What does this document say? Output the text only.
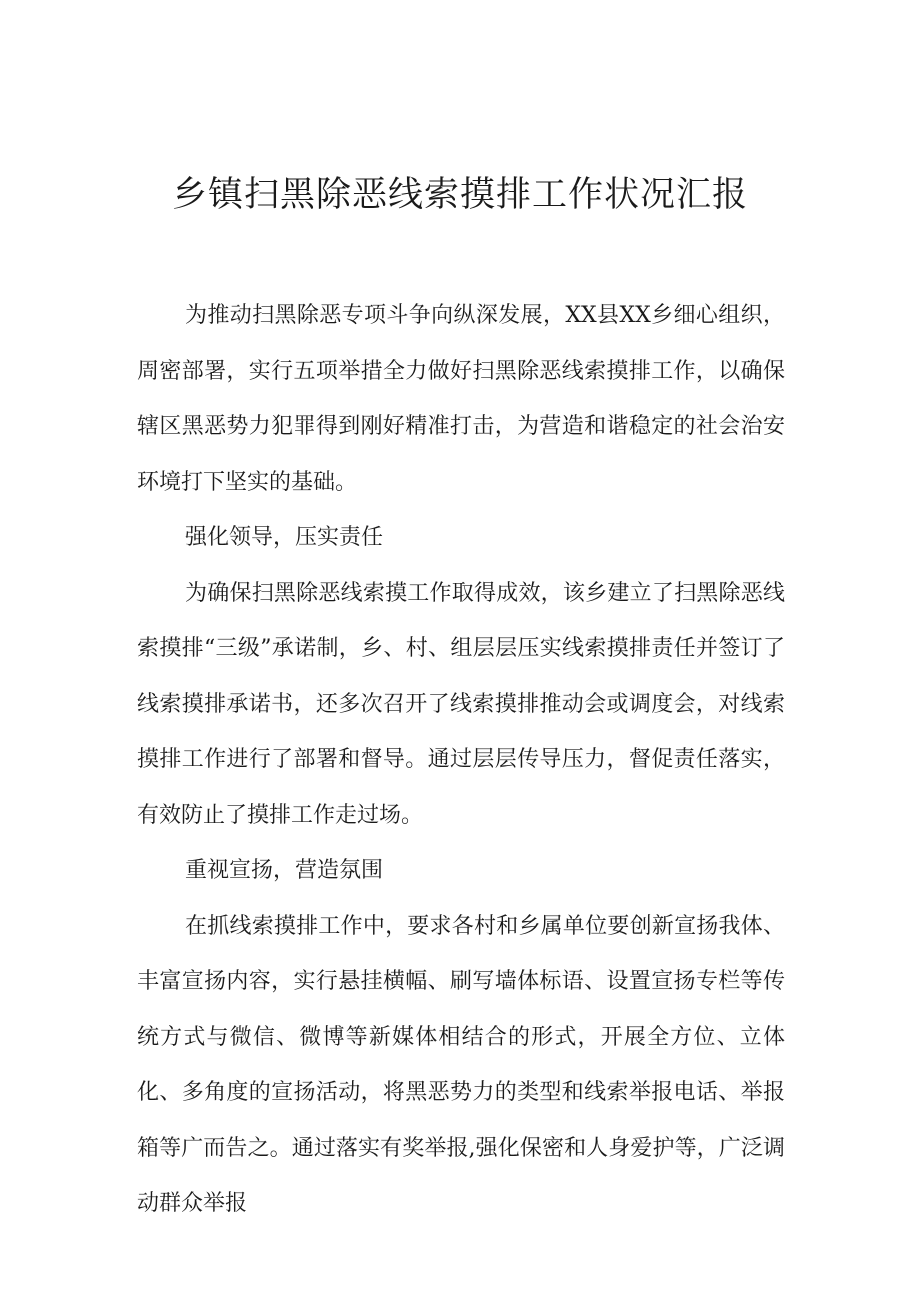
乡镇扫黑除恶线索摸排工作状况汇报

为推动扫黑除恶专项斗争向纵深发展，XX县XX乡细心组织，周密部署，实行五项举措全力做好扫黑除恶线索摸排工作，以确保辖区黑恶势力犯罪得到刚好精准打击，为营造和谐稳定的社会治安环境打下坚实的基础。

强化领导，压实责任

为确保扫黑除恶线索摸工作取得成效，该乡建立了扫黑除恶线索摸排“三级”承诺制，乡、村、组层层压实线索摸排责任并签订了线索摸排承诺书，还多次召开了线索摸排推动会或调度会，对线索摸排工作进行了部署和督导。通过层层传导压力，督促责任落实，有效防止了摸排工作走过场。

重视宣扬，营造氛围

在抓线索摸排工作中，要求各村和乡属单位要创新宣扬我体、丰富宣扬内容，实行悬挂横幅、刷写墙体标语、设置宣扬专栏等传统方式与微信、微博等新媒体相结合的形式，开展全方位、立体化、多角度的宣扬活动，将黑恶势力的类型和线索举报电话、举报箱等广而告之。通过落实有奖举报,强化保密和人身爱护等，广泛调动群众举报
